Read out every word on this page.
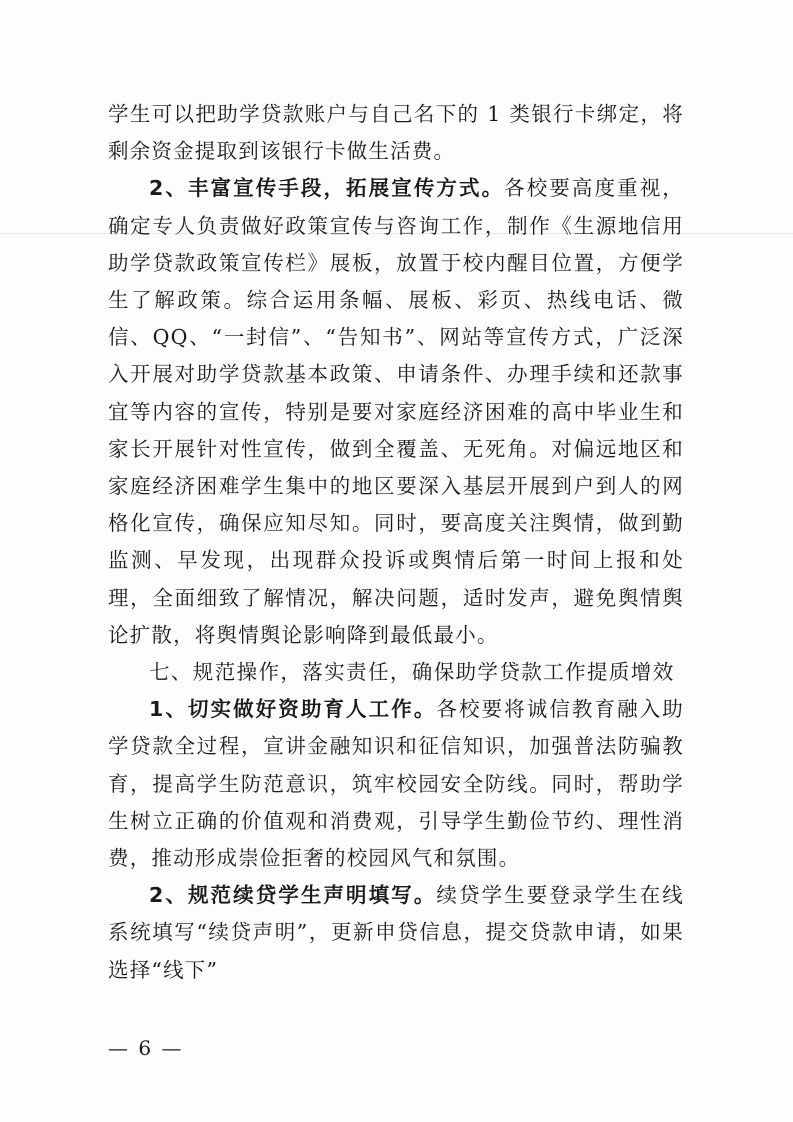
学生可以把助学贷款账户与自己名下的 1 类银行卡绑定，将剩余资金提取到该银行卡做生活费。

2、丰富宣传手段，拓展宣传方式。各校要高度重视，确定专人负责做好政策宣传与咨询工作，制作《生源地信用助学贷款政策宣传栏》展板，放置于校内醒目位置，方便学生了解政策。综合运用条幅、展板、彩页、热线电话、微信、QQ、“一封信”、“告知书”、网站等宣传方式，广泛深入开展对助学贷款基本政策、申请条件、办理手续和还款事宜等内容的宣传，特别是要对家庭经济困难的高中毕业生和家长开展针对性宣传，做到全覆盖、无死角。对偏远地区和家庭经济困难学生集中的地区要深入基层开展到户到人的网格化宣传，确保应知尽知。同时，要高度关注舆情，做到勤监测、早发现，出现群众投诉或舆情后第一时间上报和处理，全面细致了解情况，解决问题，适时发声，避免舆情舆论扩散，将舆情舆论影响降到最低最小。

七、规范操作，落实责任，确保助学贷款工作提质增效

1、切实做好资助育人工作。各校要将诚信教育融入助学贷款全过程，宣讲金融知识和征信知识，加强普法防骗教育，提高学生防范意识，筑牢校园安全防线。同时，帮助学生树立正确的价值观和消费观，引导学生勤俭节约、理性消费，推动形成崇俭拒奢的校园风气和氛围。

2、规范续贷学生声明填写。续贷学生要登录学生在线系统填写“续贷声明”，更新申贷信息，提交贷款申请，如果选择“线下”

— 6 —
